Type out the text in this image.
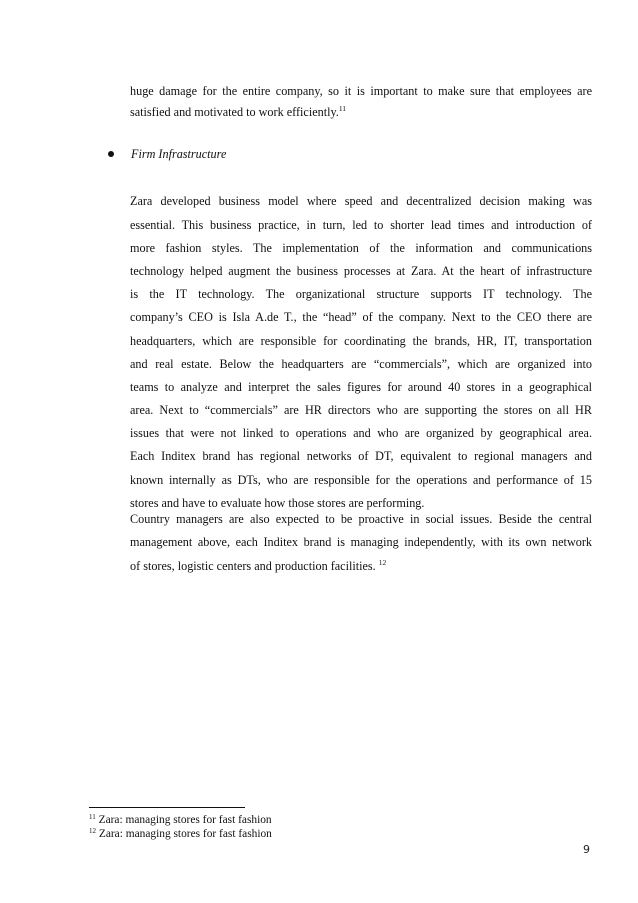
huge damage for the entire company, so it is important to make sure that employees are
satisfied and motivated to work efficiently.$^{11}$
Firm Infrastructure
Zara developed business model where speed and decentralized decision making was
essential. This business practice, in turn, led to shorter lead times and introduction of
more fashion styles. The implementation of the information and communications
technology helped augment the business processes at Zara. At the heart of infrastructure
is the IT technology. The organizational structure supports IT technology. The
company’s CEO is Isla A.de T., the “head” of the company. Next to the CEO there are
headquarters, which are responsible for coordinating the brands, HR, IT, transportation
and real estate. Below the headquarters are “commercials”, which are organized into
teams to analyze and interpret the sales figures for around 40 stores in a geographical
area. Next to “commercials” are HR directors who are supporting the stores on all HR
issues that were not linked to operations and who are organized by geographical area.
Each Inditex brand has regional networks of DT, equivalent to regional managers and
known internally as DTs, who are responsible for the operations and performance of 15
stores and have to evaluate how those stores are performing.
Country managers are also expected to be proactive in social issues. Beside the central
management above, each Inditex brand is managing independently, with its own network
of stores, logistic centers and production facilities. $^{12}$
$^{11}$ Zara: managing stores for fast fashion
$^{12}$ Zara: managing stores for fast fashion
9
